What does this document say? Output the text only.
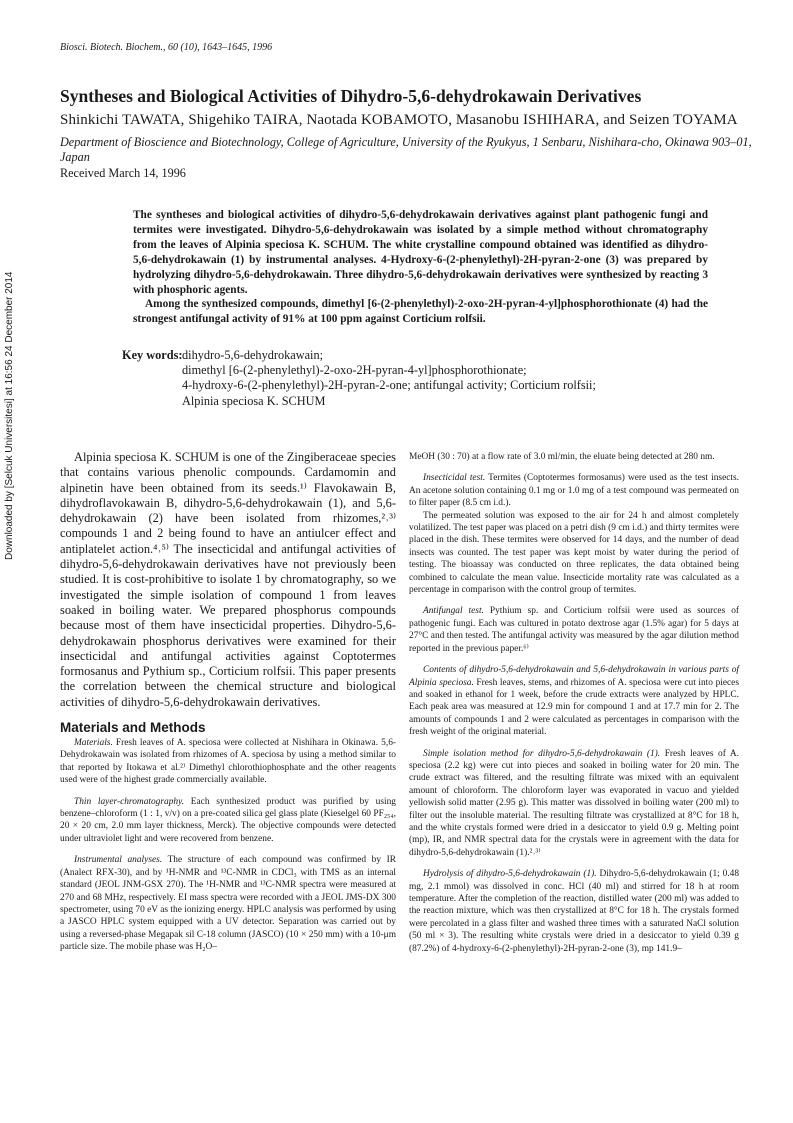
Biosci. Biotech. Biochem., 60 (10), 1643–1645, 1996
Syntheses and Biological Activities of Dihydro-5,6-dehydrokawain Derivatives
Shinkichi TAWATA, Shigehiko TAIRA, Naotada KOBAMOTO, Masanobu ISHIHARA, and Seizen TOYAMA
Department of Bioscience and Biotechnology, College of Agriculture, University of the Ryukyus, 1 Senbaru, Nishihara-cho, Okinawa 903–01, Japan
Received March 14, 1996

The syntheses and biological activities of dihydro-5,6-dehydrokawain derivatives against plant pathogenic fungi and termites were investigated. Dihydro-5,6-dehydrokawain was isolated by a simple method without chromatography from the leaves of Alpinia speciosa K. SCHUM. The white crystalline compound obtained was identified as dihydro-5,6-dehydrokawain (1) by instrumental analyses. 4-Hydroxy-6-(2-phenylethyl)-2H-pyran-2-one (3) was prepared by hydrolyzing dihydro-5,6-dehydrokawain. Three dihydro-5,6-dehydrokawain derivatives were synthesized by reacting 3 with phosphoric agents.

Among the synthesized compounds, dimethyl [6-(2-phenylethyl)-2-oxo-2H-pyran-4-yl]phosphorothionate (4) had the strongest antifungal activity of 91% at 100 ppm against Corticium rolfsii.

Key words: dihydro-5,6-dehydrokawain;
dimethyl [6-(2-phenylethyl)-2-oxo-2H-pyran-4-yl]phosphorothionate;
4-hydroxy-6-(2-phenylethyl)-2H-pyran-2-one; antifungal activity; Corticium rolfsii;
Alpinia speciosa K. SCHUM
Downloaded by [Selcuk Universitesi] at 16:56 24 December 2014	Alpinia speciosa K. SCHUM is one of the Zingiberaceae species that contains various phenolic compounds. Cardamomin and alpinetin have been obtained from its seeds.¹⁾ Flavokawain B, dihydroflavokawain B, dihydro-5,6-dehydrokawain (1), and 5,6-dehydrokawain (2) have been isolated from rhizomes,²˒³⁾ compounds 1 and 2 being found to have an antiulcer effect and antiplatelet action.⁴˒⁵⁾ The insecticidal and antifungal activities of dihydro-5,6-dehydrokawain derivatives have not previously been studied. It is cost-prohibitive to isolate 1 by chromatography, so we investigated the simple isolation of compound 1 from leaves soaked in boiling water. We prepared phosphorus compounds because most of them have insecticidal properties. Dihydro-5,6-dehydrokawain phosphorus derivatives were examined for their insecticidal and antifungal activities against Coptotermes formosanus and Pythium sp., Corticium rolfsii. This paper presents the correlation between the chemical structure and biological activities of dihydro-5,6-dehydrokawain derivatives.

Materials and Methods

Materials. Fresh leaves of A. speciosa were collected at Nishihara in Okinawa. 5,6-Dehydrokawain was isolated from rhizomes of A. speciosa by using a method similar to that reported by Itokawa et al.²⁾ Dimethyl chlorothiophosphate and the other reagents used were of the highest grade commercially available.

Thin layer-chromatography. Each synthesized product was purified by using benzene–chloroform (1 : 1, v/v) on a pre-coated silica gel glass plate (Kieselgel 60 PF₂₅₄, 20 × 20 cm, 2.0 mm layer thickness, Merck). The objective compounds were detected under ultraviolet light and were recovered from benzene.

Instrumental analyses. The structure of each compound was confirmed by IR (Analect RFX-30), and by ¹H-NMR and ¹³C-NMR in CDCl₃ with TMS as an internal standard (JEOL JNM-GSX 270). The ¹H-NMR and ¹³C-NMR spectra were measured at 270 and 68 MHz, respectively. EI mass spectra were recorded with a JEOL JMS-DX 300 spectrometer, using 70 eV as the ionizing energy. HPLC analysis was performed by using a JASCO HPLC system equipped with a UV detector. Separation was carried out by using a reversed-phase Megapak sil C-18 column (JASCO) (10 × 250 mm) with a 10-μm particle size. The mobile phase was H₂O–

MeOH (30 : 70) at a flow rate of 3.0 ml/min, the eluate being detected at 280 nm.

Insecticidal test. Termites (Coptotermes formosanus) were used as the test insects. An acetone solution containing 0.1 mg or 1.0 mg of a test compound was permeated on to filter paper (8.5 cm i.d.).

The permeated solution was exposed to the air for 24 h and almost completely volatilized. The test paper was placed on a petri dish (9 cm i.d.) and thirty termites were placed in the dish. These termites were observed for 14 days, and the number of dead insects was counted. The test paper was kept moist by water during the period of testing. The bioassay was conducted on three replicates, the data obtained being combined to calculate the mean value. Insecticide mortality rate was calculated as a percentage in comparison with the control group of termites.

Antifungal test. Pythium sp. and Corticium rolfsii were used as sources of pathogenic fungi. Each was cultured in potato dextrose agar (1.5% agar) for 5 days at 27°C and then tested. The antifungal activity was measured by the agar dilution method reported in the previous paper.⁶⁾

Contents of dihydro-5,6-dehydrokawain and 5,6-dehydrokawain in various parts of Alpinia speciosa. Fresh leaves, stems, and rhizomes of A. speciosa were cut into pieces and soaked in ethanol for 1 week, before the crude extracts were analyzed by HPLC. Each peak area was measured at 12.9 min for compound 1 and at 17.7 min for 2. The amounts of compounds 1 and 2 were calculated as percentages in comparison with the fresh weight of the original material.

Simple isolation method for dihydro-5,6-dehydrokawain (1). Fresh leaves of A. speciosa (2.2 kg) were cut into pieces and soaked in boiling water for 20 min. The crude extract was filtered, and the resulting filtrate was mixed with an equivalent amount of chloroform. The chloroform layer was evaporated in vacuo and yielded yellowish solid matter (2.95 g). This matter was dissolved in boiling water (200 ml) to filter out the insoluble material. The resulting filtrate was crystallized at 8°C for 18 h, and the white crystals formed were dried in a desiccator to yield 0.9 g. Melting point (mp), IR, and NMR spectral data for the crystals were in agreement with the data for dihydro-5,6-dehydrokawain (1).²˒³⁾

Hydrolysis of dihydro-5,6-dehydrokawain (1). Dihydro-5,6-dehydrokawain (1; 0.48 mg, 2.1 mmol) was dissolved in conc. HCl (40 ml) and stirred for 18 h at room temperature. After the completion of the reaction, distilled water (200 ml) was added to the reaction mixture, which was then crystallized at 8°C for 18 h. The crystals formed were percolated in a glass filter and washed three times with a saturated NaCl solution (50 ml × 3). The resulting white crystals were dried in a desiccator to yield 0.39 g (87.2%) of 4-hydroxy-6-(2-phenylethyl)-2H-pyran-2-one (3), mp 141.9–
